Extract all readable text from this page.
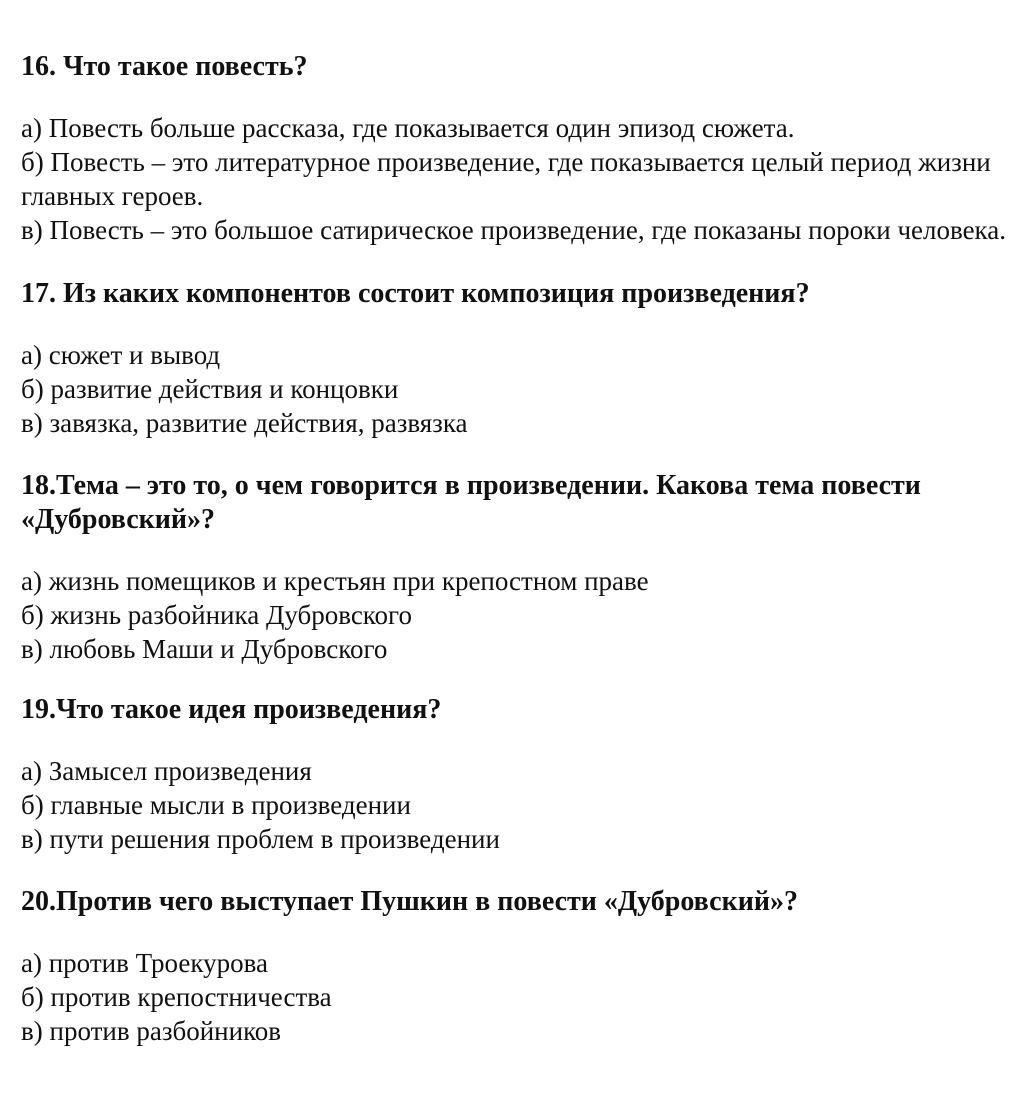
16. Что такое повесть?
а) Повесть больше рассказа, где показывается один эпизод сюжета.
б) Повесть – это литературное произведение, где показывается целый период жизни главных героев.
в) Повесть – это большое сатирическое произведение, где показаны пороки человека.
17. Из каких компонентов состоит композиция произведения?
а) сюжет и вывод
б) развитие действия и концовки
в) завязка, развитие действия, развязка
18.Тема – это то, о чем говорится в произведении. Какова тема повести «Дубровский»?
а) жизнь помещиков и крестьян при крепостном праве
б) жизнь разбойника Дубровского
в) любовь Маши и Дубровского
19.Что такое идея произведения?
а) Замысел произведения
б) главные мысли в произведении
в) пути решения проблем в произведении
20.Против чего выступает Пушкин в повести «Дубровский»?
а) против Троекурова
б) против крепостничества
в) против разбойников
